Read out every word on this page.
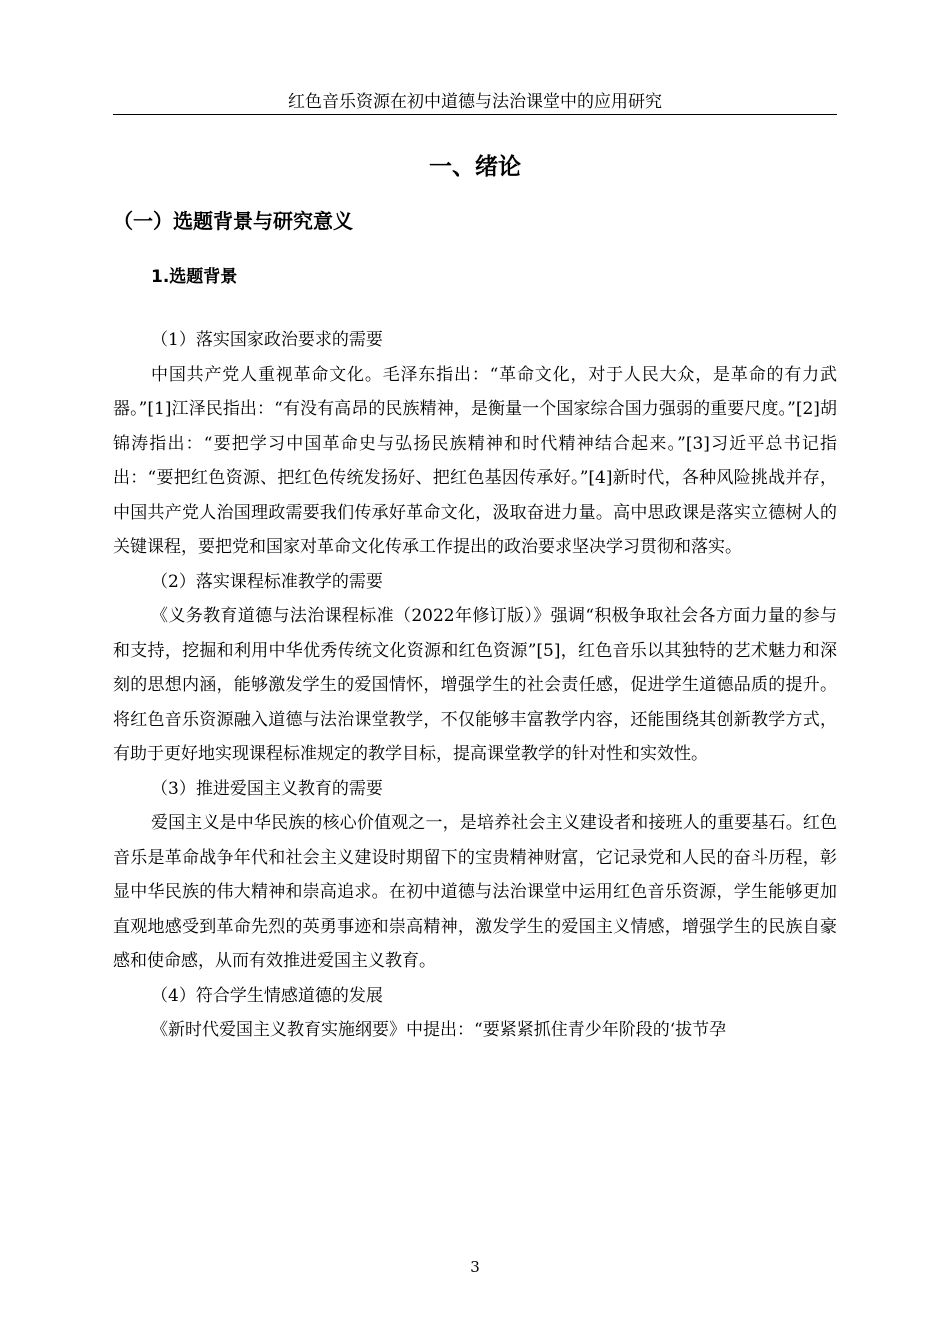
红色音乐资源在初中道德与法治课堂中的应用研究
一、绪论
（一）选题背景与研究意义
1.选题背景

（1）落实国家政治要求的需要

中国共产党人重视革命文化。毛泽东指出：“革命文化，对于人民大众，是革命的有力武器。”[1]江泽民指出：“有没有高昂的民族精神，是衡量一个国家综合国力强弱的重要尺度。”[2]胡锦涛指出：“要把学习中国革命史与弘扬民族精神和时代精神结合起来。”[3]习近平总书记指出：“要把红色资源、把红色传统发扬好、把红色基因传承好。”[4]新时代，各种风险挑战并存，中国共产党人治国理政需要我们传承好革命文化，汲取奋进力量。高中思政课是落实立德树人的关键课程，要把党和国家对革命文化传承工作提出的政治要求坚决学习贯彻和落实。

（2）落实课程标准教学的需要

《义务教育道德与法治课程标准（2022年修订版）》强调“积极争取社会各方面力量的参与和支持，挖掘和利用中华优秀传统文化资源和红色资源”[5]，红色音乐以其独特的艺术魅力和深刻的思想内涵，能够激发学生的爱国情怀，增强学生的社会责任感，促进学生道德品质的提升。将红色音乐资源融入道德与法治课堂教学，不仅能够丰富教学内容，还能围绕其创新教学方式，有助于更好地实现课程标准规定的教学目标，提高课堂教学的针对性和实效性。

（3）推进爱国主义教育的需要

爱国主义是中华民族的核心价值观之一，是培养社会主义建设者和接班人的重要基石。红色音乐是革命战争年代和社会主义建设时期留下的宝贵精神财富，它记录党和人民的奋斗历程，彰显中华民族的伟大精神和崇高追求。在初中道德与法治课堂中运用红色音乐资源，学生能够更加直观地感受到革命先烈的英勇事迹和崇高精神，激发学生的爱国主义情感，增强学生的民族自豪感和使命感，从而有效推进爱国主义教育。

（4）符合学生情感道德的发展

《新时代爱国主义教育实施纲要》中提出：“要紧紧抓住青少年阶段的‘拔节孕

3
